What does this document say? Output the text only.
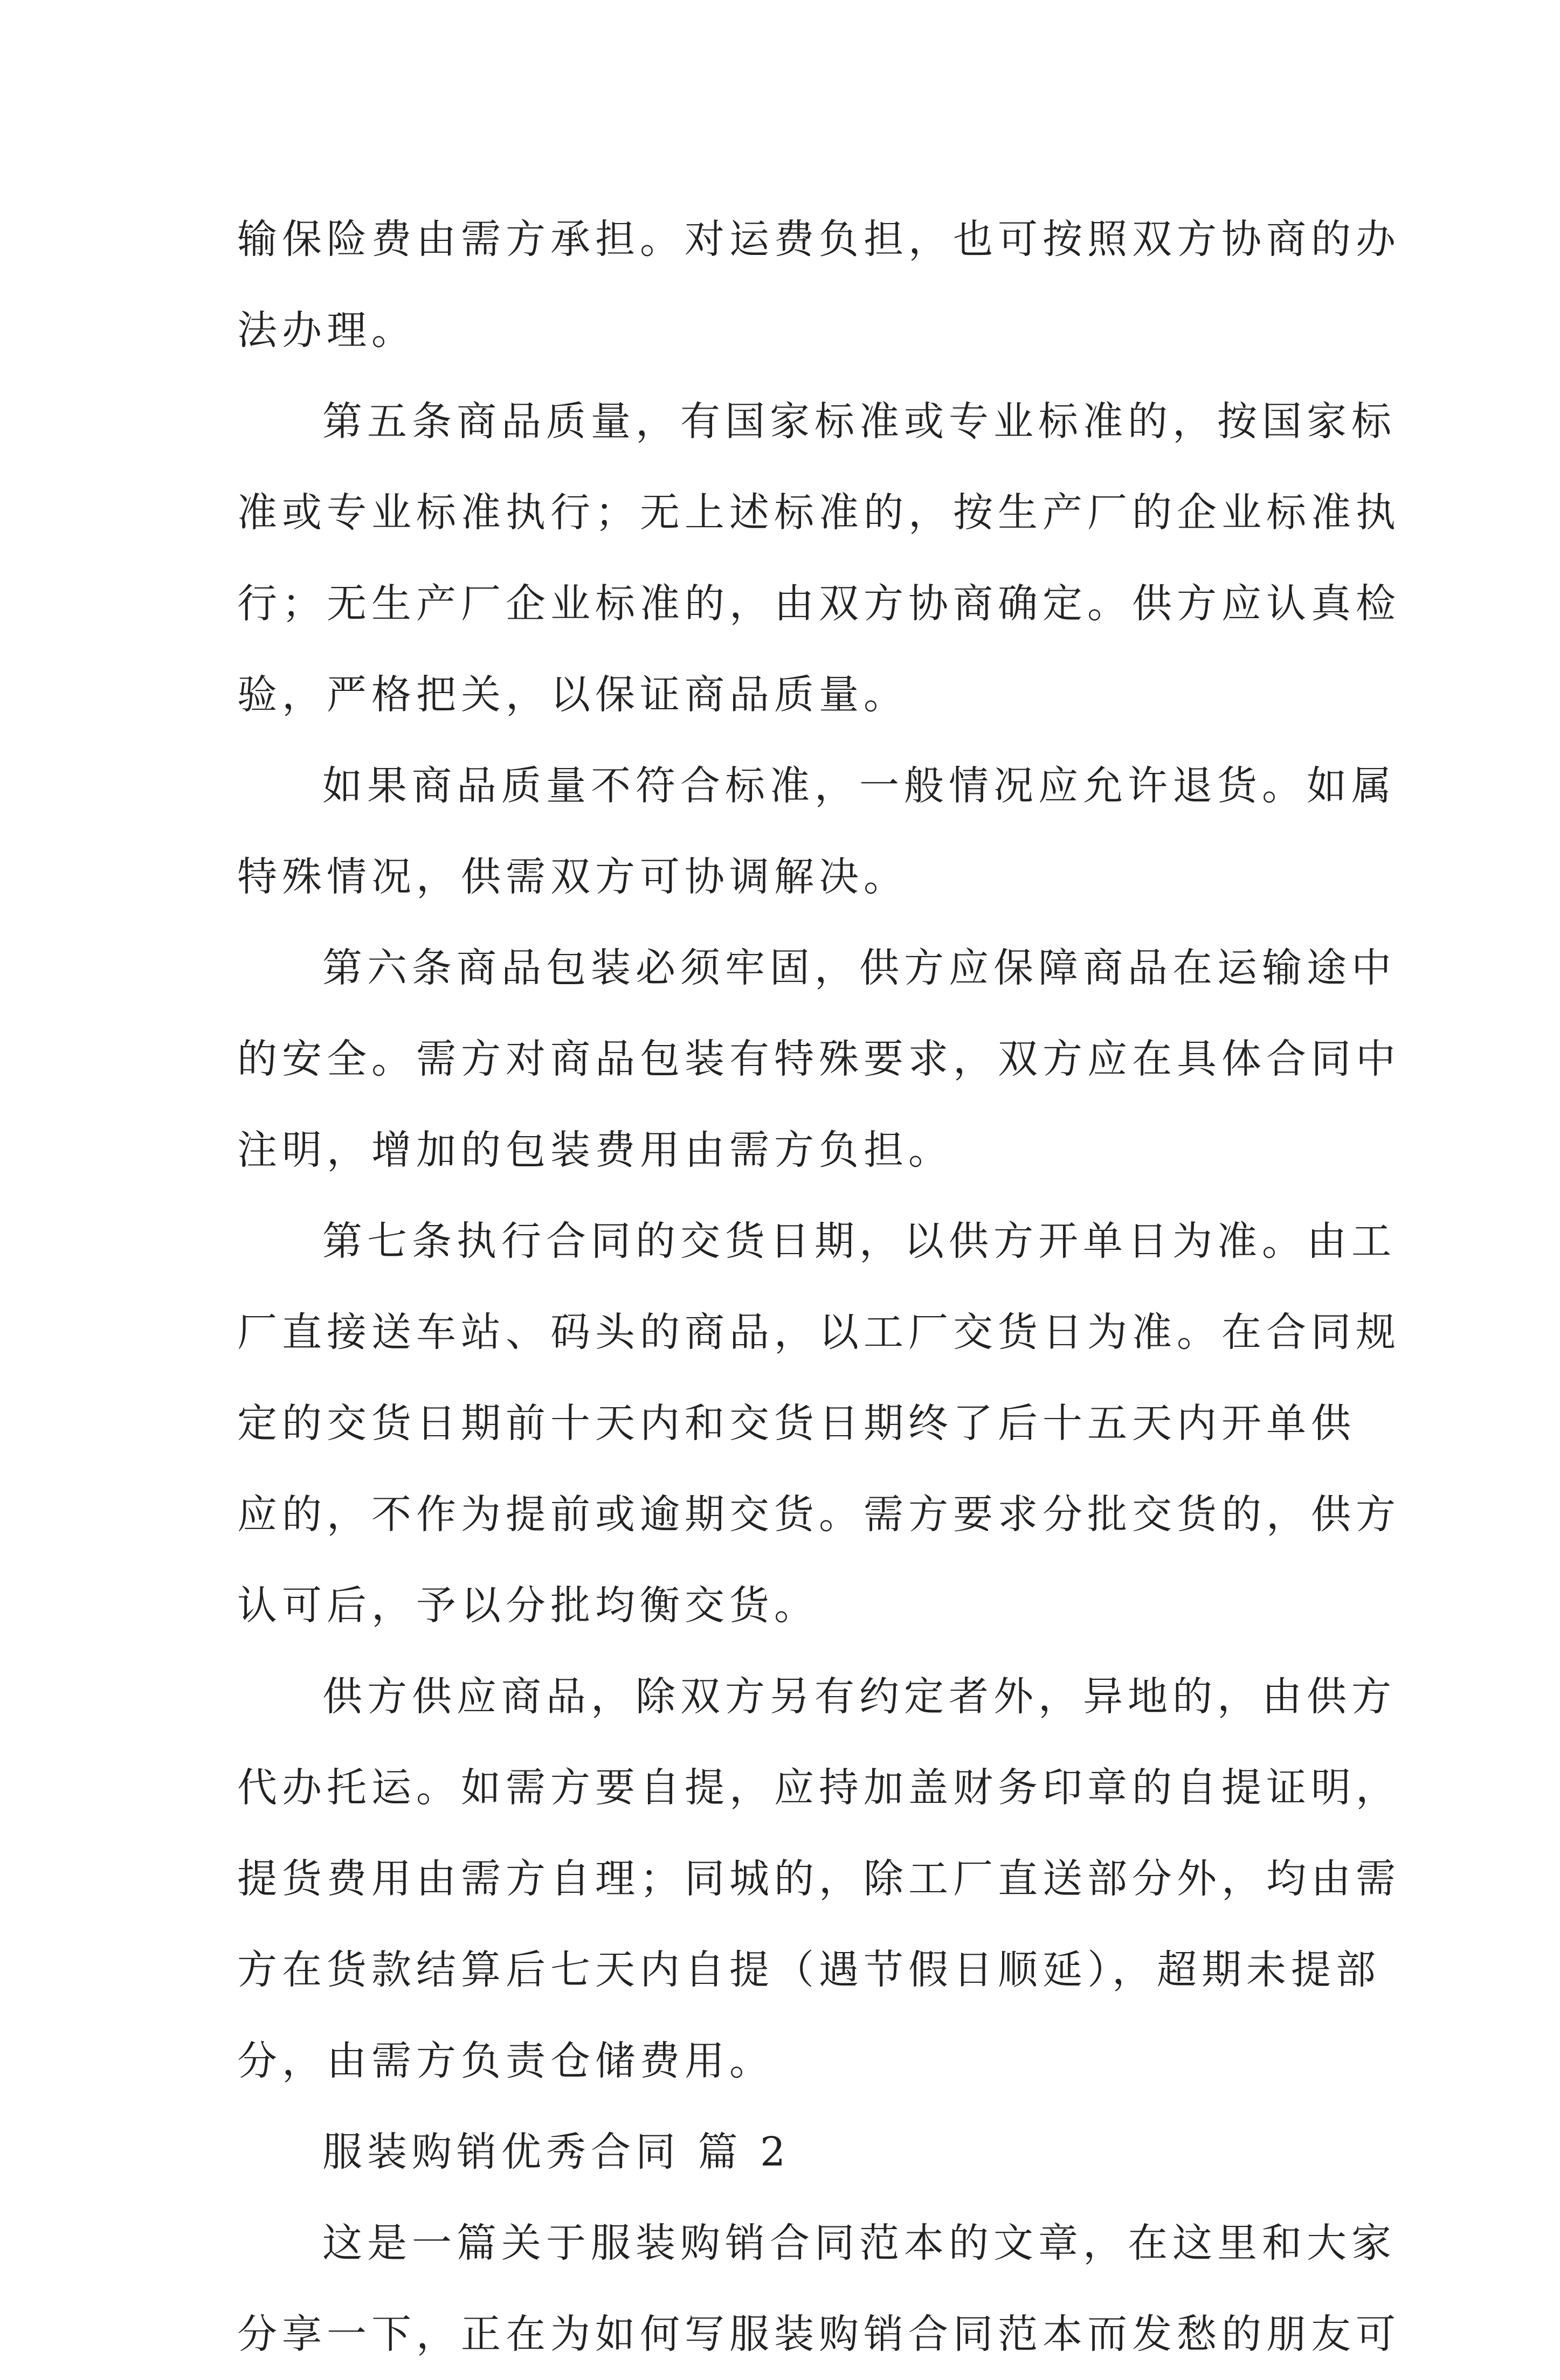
输保险费由需方承担。对运费负担，也可按照双方协商的办
法办理。
第五条商品质量，有国家标准或专业标准的，按国家标
准或专业标准执行；无上述标准的，按生产厂的企业标准执
行；无生产厂企业标准的，由双方协商确定。供方应认真检
验，严格把关，以保证商品质量。
如果商品质量不符合标准，一般情况应允许退货。如属
特殊情况，供需双方可协调解决。
第六条商品包装必须牢固，供方应保障商品在运输途中
的安全。需方对商品包装有特殊要求，双方应在具体合同中
注明，增加的包装费用由需方负担。
第七条执行合同的交货日期，以供方开单日为准。由工
厂直接送车站、码头的商品，以工厂交货日为准。在合同规
定的交货日期前十天内和交货日期终了后十五天内开单供
应的，不作为提前或逾期交货。需方要求分批交货的，供方
认可后，予以分批均衡交货。
供方供应商品，除双方另有约定者外，异地的，由供方
代办托运。如需方要自提，应持加盖财务印章的自提证明，
提货费用由需方自理；同城的，除工厂直送部分外，均由需
方在货款结算后七天内自提（遇节假日顺延），超期未提部
分，由需方负责仓储费用。
服装购销优秀合同 篇 2
这是一篇关于服装购销合同范本的文章，在这里和大家
分享一下，正在为如何写服装购销合同范本而发愁的朋友可
